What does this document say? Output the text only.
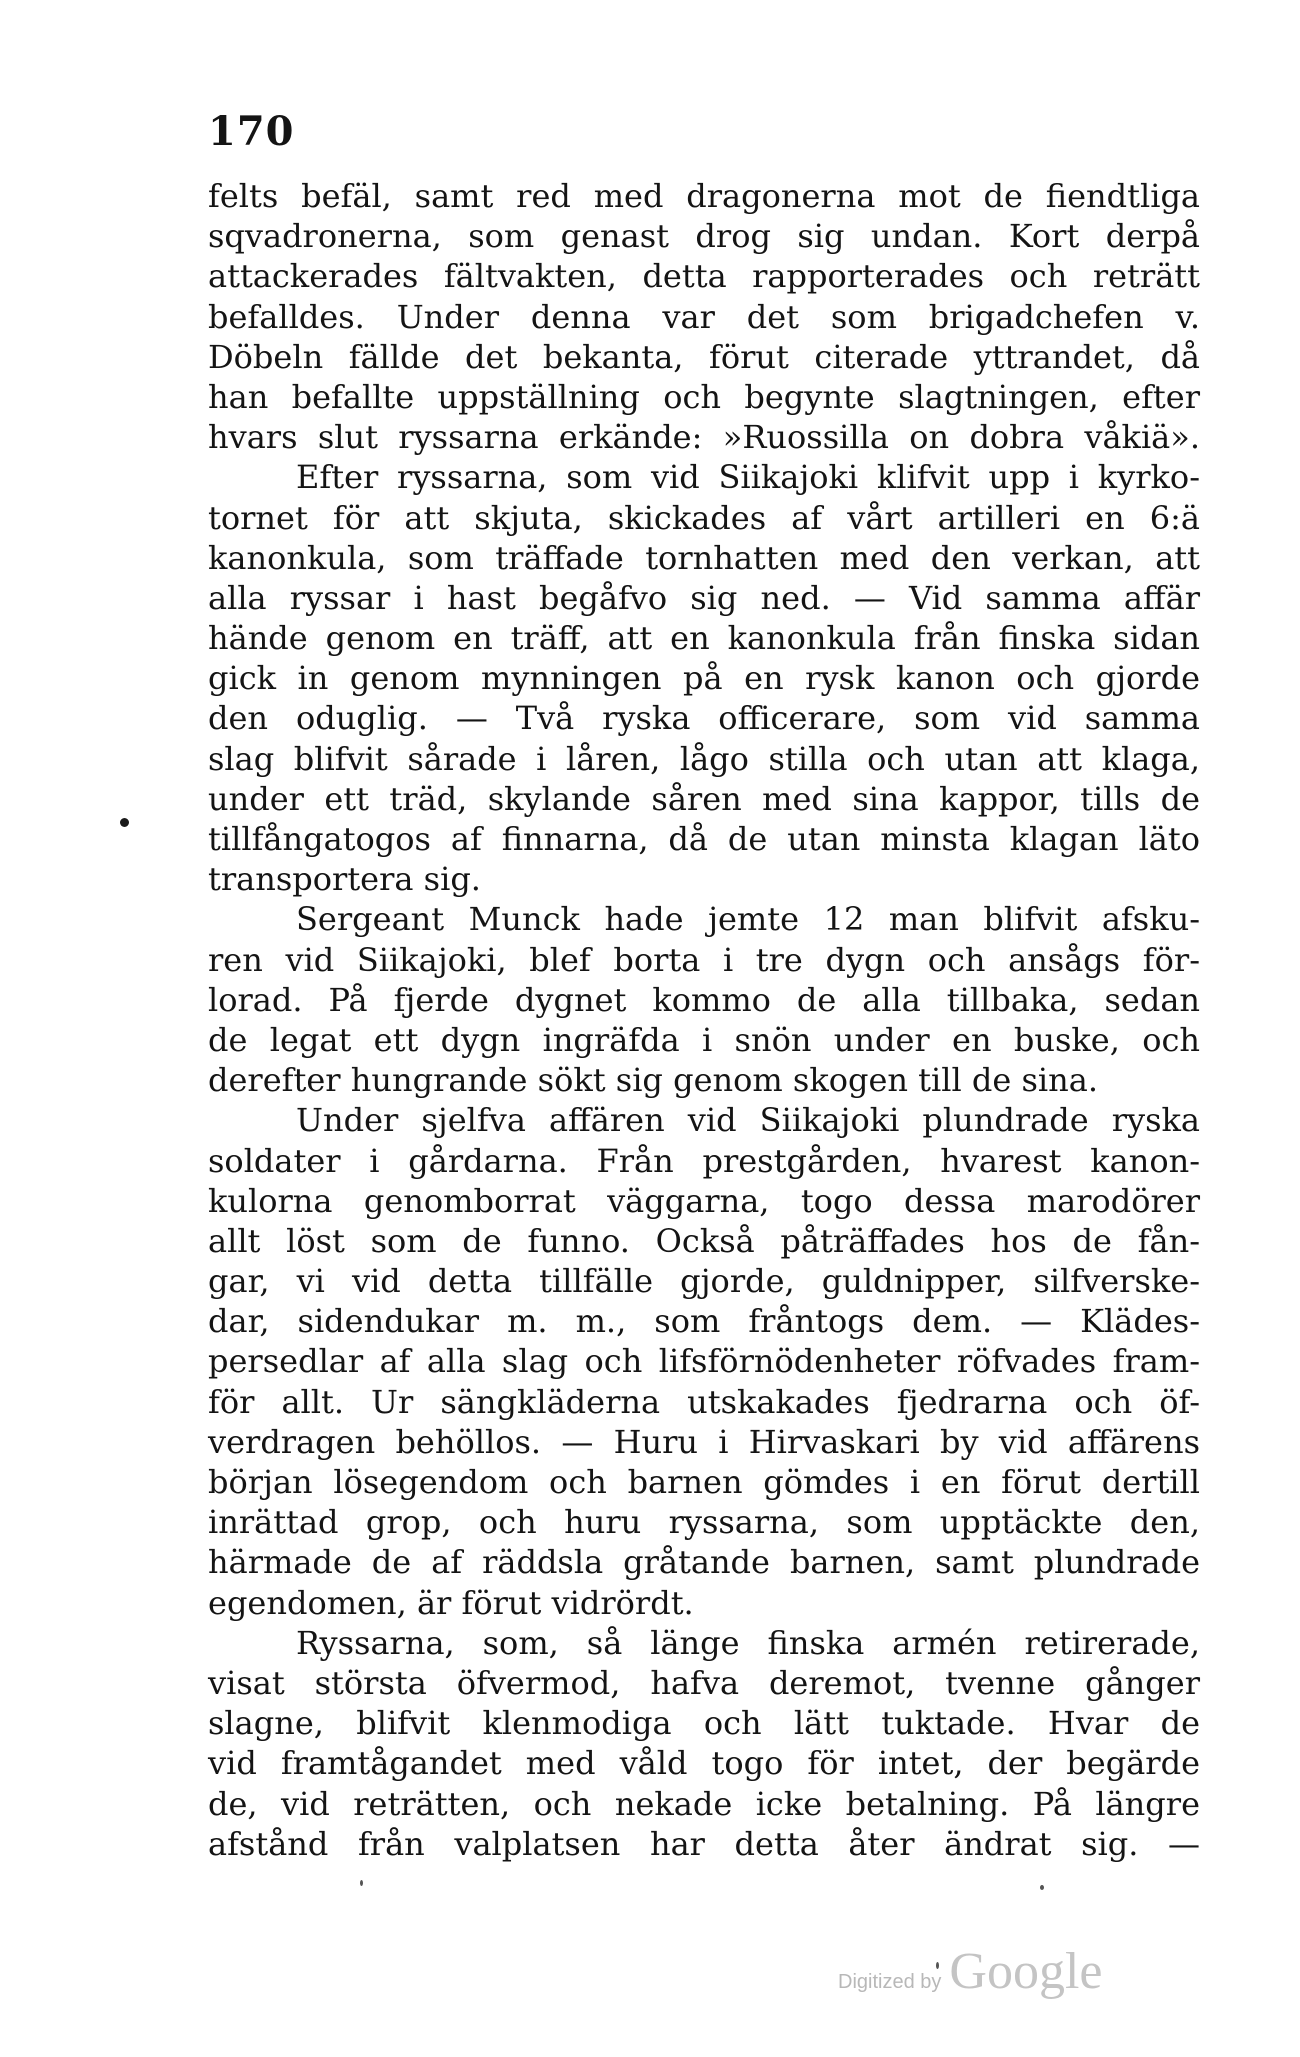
170
felts befäl, samt red med dragonerna mot de fiendtliga
sqvadronerna, som genast drog sig undan. Kort derpå
attackerades fältvakten, detta rapporterades och reträtt
befalldes. Under denna var det som brigadchefen v.
Döbeln fällde det bekanta, förut citerade yttrandet, då
han befallte uppställning och begynte slagtningen, efter
hvars slut ryssarna erkände: »Ruossilla on dobra våkiä».
Efter ryssarna, som vid Siikajoki klifvit upp i kyrko-
tornet för att skjuta, skickades af vårt artilleri en 6:ä
kanonkula, som träffade tornhatten med den verkan, att
alla ryssar i hast begåfvo sig ned. — Vid samma affär
hände genom en träff, att en kanonkula från finska sidan
gick in genom mynningen på en rysk kanon och gjorde
den oduglig. — Två ryska officerare, som vid samma
slag blifvit sårade i låren, lågo stilla och utan att klaga,
under ett träd, skylande såren med sina kappor, tills de
tillfångatogos af finnarna, då de utan minsta klagan läto
transportera sig.
Sergeant Munck hade jemte 12 man blifvit afsku-
ren vid Siikajoki, blef borta i tre dygn och ansågs för-
lorad. På fjerde dygnet kommo de alla tillbaka, sedan
de legat ett dygn ingräfda i snön under en buske, och
derefter hungrande sökt sig genom skogen till de sina.
Under sjelfva affären vid Siikajoki plundrade ryska
soldater i gårdarna. Från prestgården, hvarest kanon-
kulorna genomborrat väggarna, togo dessa marodörer
allt löst som de funno. Också påträffades hos de fån-
gar, vi vid detta tillfälle gjorde, guldnipper, silfverske-
dar, sidendukar m. m., som fråntogs dem. — Klädes-
persedlar af alla slag och lifsförnödenheter röfvades fram-
för allt. Ur sängkläderna utskakades fjedrarna och öf-
verdragen behöllos. — Huru i Hirvaskari by vid affärens
början lösegendom och barnen gömdes i en förut dertill
inrättad grop, och huru ryssarna, som upptäckte den,
härmade de af räddsla gråtande barnen, samt plundrade
egendomen, är förut vidrördt.
Ryssarna, som, så länge finska armén retirerade,
visat största öfvermod, hafva deremot, tvenne gånger
slagne, blifvit klenmodiga och lätt tuktade. Hvar de
vid framtågandet med våld togo för intet, der begärde
de, vid reträtten, och nekade icke betalning. På längre
afstånd från valplatsen har detta åter ändrat sig. —
Digitized by Google
